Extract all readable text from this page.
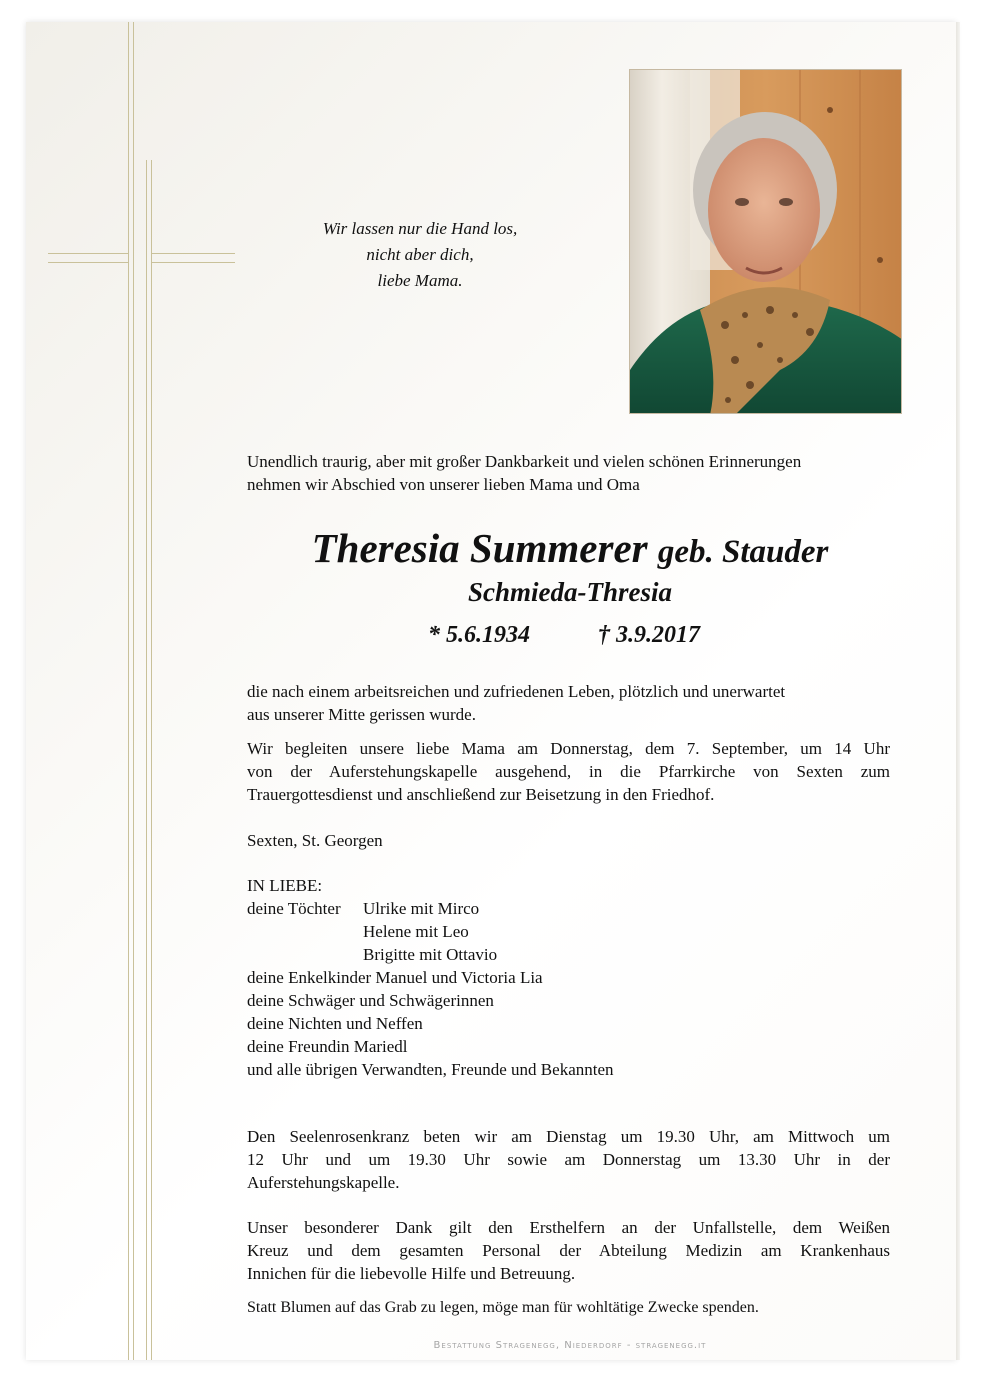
Wir lassen nur die Hand los,
nicht aber dich,
liebe Mama.
Unendlich traurig, aber mit großer Dankbarkeit und vielen schönen Erinnerungen
nehmen wir Abschied von unserer lieben Mama und Oma
Theresia Summerer geb. Stauder
Schmieda-Thresia
* 5.6.1934	† 3.9.2017
die nach einem arbeitsreichen und zufriedenen Leben, plötzlich und unerwartet
aus unserer Mitte gerissen wurde.
Wir begleiten unsere liebe Mama am Donnerstag, dem 7. September, um 14 Uhr
von der Auferstehungskapelle ausgehend, in die Pfarrkirche von Sexten zum
Trauergottesdienst und anschließend zur Beisetzung in den Friedhof.
Sexten, St. Georgen
IN LIEBE:
deine Töchter	Ulrike mit Mirco
Helene mit Leo
Brigitte mit Ottavio
deine Enkelkinder Manuel und Victoria Lia
deine Schwäger und Schwägerinnen
deine Nichten und Neffen
deine Freundin Mariedl
und alle übrigen Verwandten, Freunde und Bekannten
Den Seelenrosenkranz beten wir am Dienstag um 19.30 Uhr, am Mittwoch um
12 Uhr und um 19.30 Uhr sowie am Donnerstag um 13.30 Uhr in der
Auferstehungskapelle.
Unser besonderer Dank gilt den Ersthelfern an der Unfallstelle, dem Weißen
Kreuz und dem gesamten Personal der Abteilung Medizin am Krankenhaus
Innichen für die liebevolle Hilfe und Betreuung.
Statt Blumen auf das Grab zu legen, möge man für wohltätige Zwecke spenden.
Bestattung Stragenegg, Niederdorf - stragenegg.it
